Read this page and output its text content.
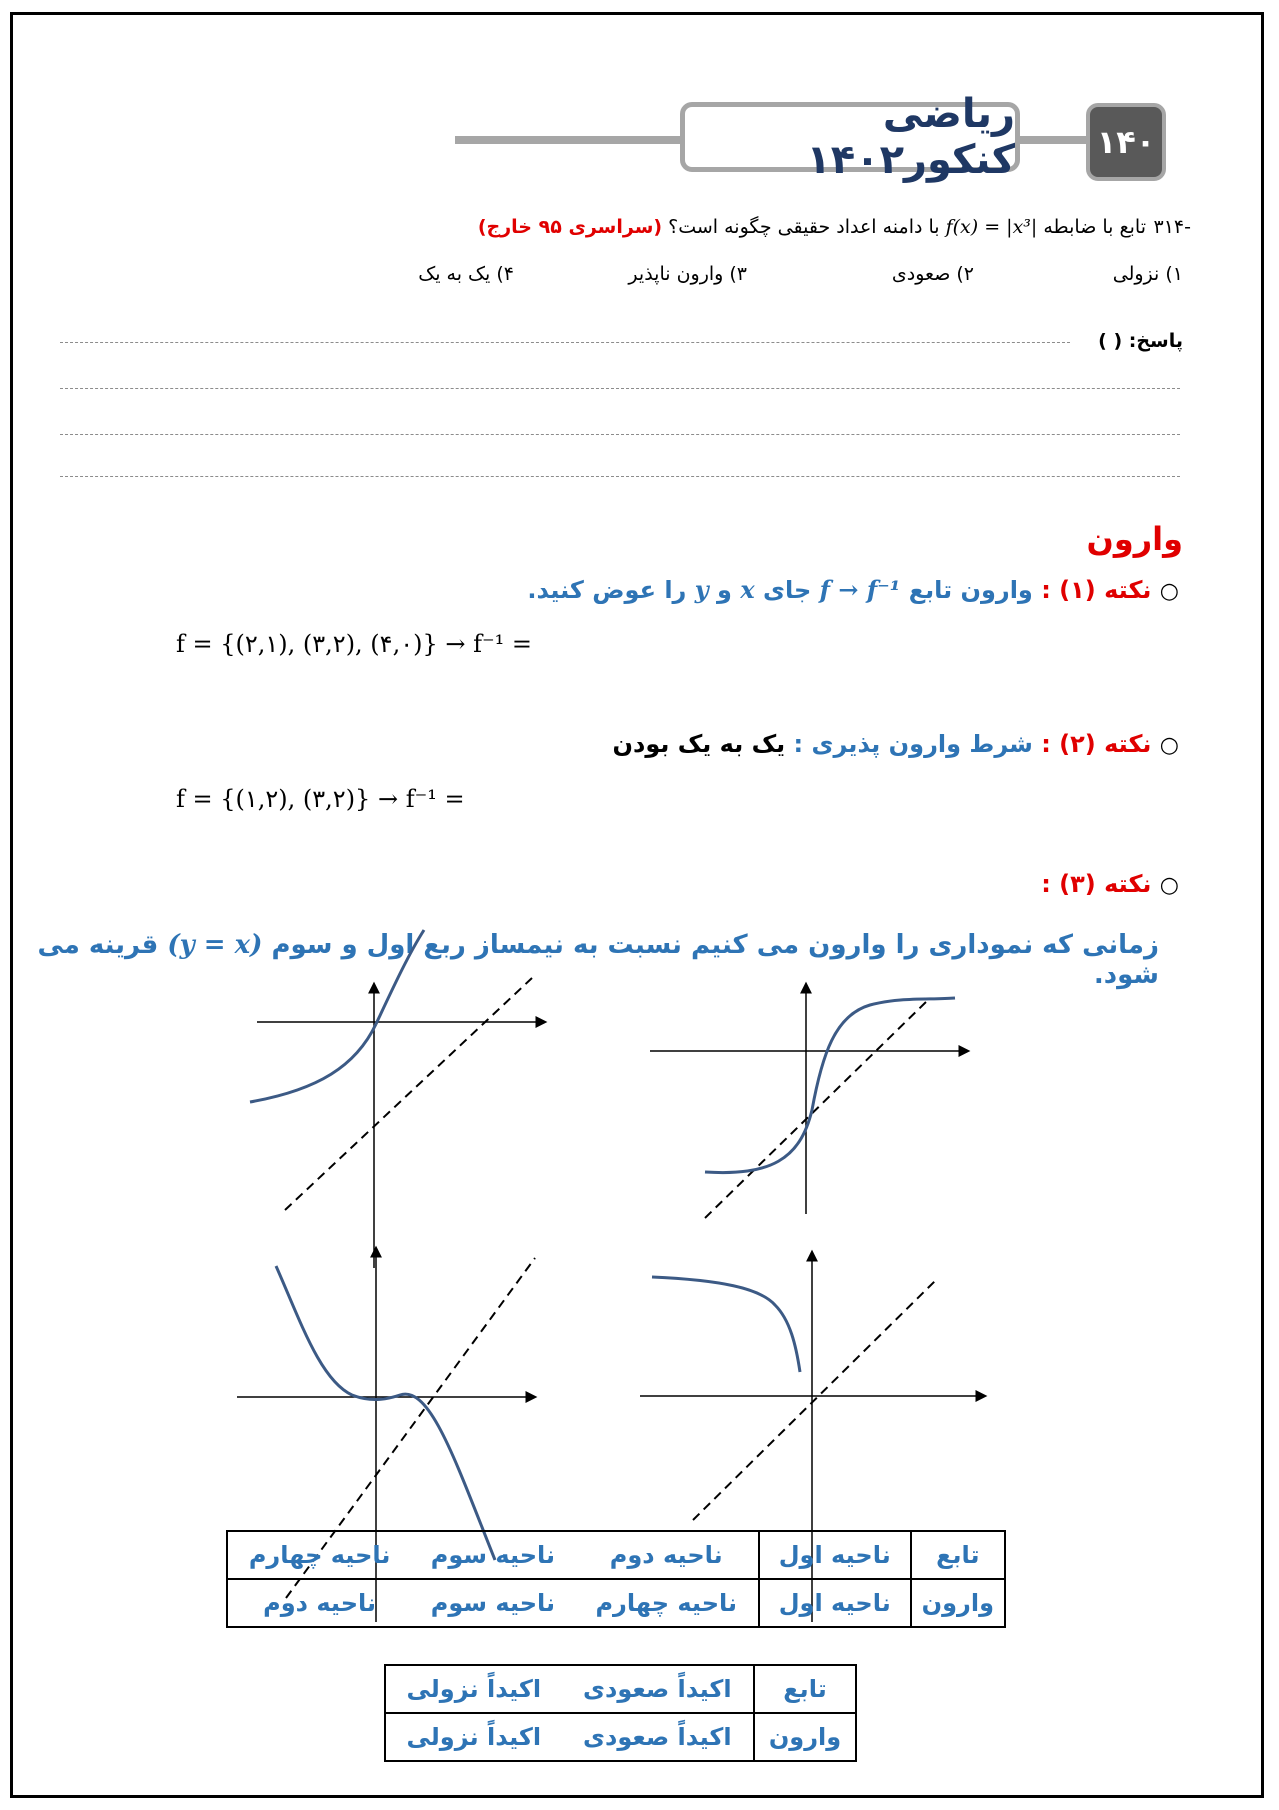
ریاضی کنکور۱۴۰۲	۱۴۰
۳۱۴-
تابع با ضابطه f(x) = |x³| با دامنه اعداد حقیقی چگونه است؟ (سراسری ۹۵ خارج)
۱) نزولی
۲) صعودی
۳) وارون ناپذیر
۴) یک به یک
پاسخ: ( )
وارون
○ نکته (۱) : وارون تابع f → f⁻¹ جای x و y را عوض کنید.
f = {(۲,۱), (۳,۲), (۴,۰)} → f⁻¹ =
○ نکته (۲) : شرط وارون پذیری : یک به یک بودن
f = {(۱,۲), (۳,۲)} → f⁻¹ =
○ نکته (۳) :
زمانی که نموداری را وارون می کنیم نسبت به نیمساز ربع اول و سوم (y = x) قرینه می شود.
تابع	ناحیه اول	ناحیه دوم	ناحیه سوم	ناحیه چهارم
وارون	ناحیه اول	ناحیه چهارم	ناحیه سوم	ناحیه دوم
تابع	اکیداً صعودی	اکیداً نزولی
وارون	اکیداً صعودی	اکیداً نزولی
